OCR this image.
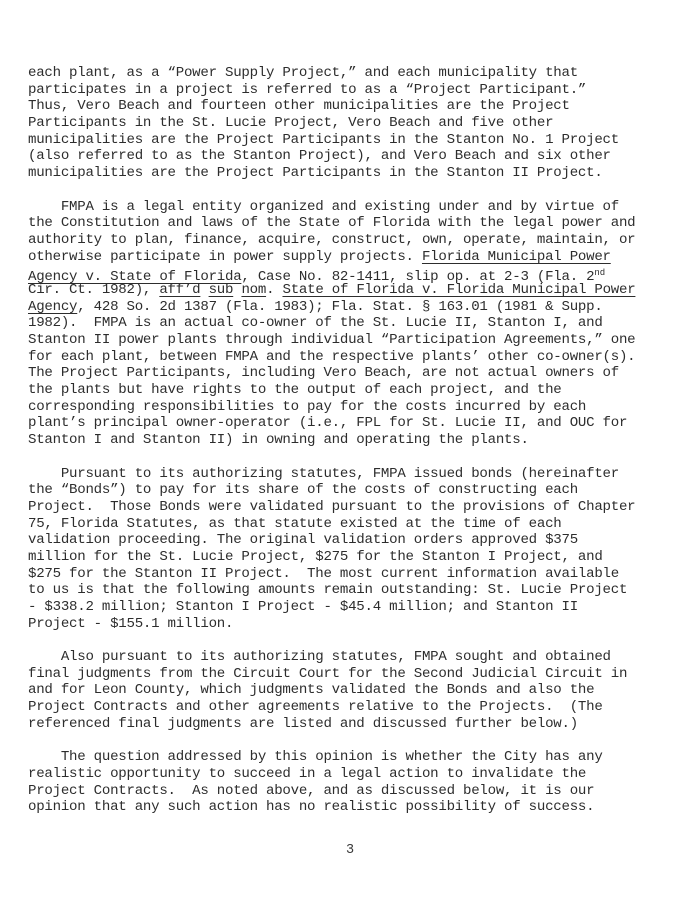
each plant, as a “Power Supply Project,” and each municipality that
participates in a project is referred to as a “Project Participant.”
Thus, Vero Beach and fourteen other municipalities are the Project
Participants in the St. Lucie Project, Vero Beach and five other
municipalities are the Project Participants in the Stanton No. 1 Project
(also referred to as the Stanton Project), and Vero Beach and six other
municipalities are the Project Participants in the Stanton II Project.
FMPA is a legal entity organized and existing under and by virtue of
the Constitution and laws of the State of Florida with the legal power and
authority to plan, finance, acquire, construct, own, operate, maintain, or
otherwise participate in power supply projects. Florida Municipal Power
Agency v. State of Florida, Case No. 82-1411, slip op. at 2-3 (Fla. 2nd
Cir. Ct. 1982), aff’d sub nom. State of Florida v. Florida Municipal Power
Agency, 428 So. 2d 1387 (Fla. 1983); Fla. Stat. § 163.01 (1981 & Supp.
1982).  FMPA is an actual co-owner of the St. Lucie II, Stanton I, and
Stanton II power plants through individual “Participation Agreements,” one
for each plant, between FMPA and the respective plants’ other co-owner(s).
The Project Participants, including Vero Beach, are not actual owners of
the plants but have rights to the output of each project, and the
corresponding responsibilities to pay for the costs incurred by each
plant’s principal owner-operator (i.e., FPL for St. Lucie II, and OUC for
Stanton I and Stanton II) in owning and operating the plants.
Pursuant to its authorizing statutes, FMPA issued bonds (hereinafter
the “Bonds”) to pay for its share of the costs of constructing each
Project.  Those Bonds were validated pursuant to the provisions of Chapter
75, Florida Statutes, as that statute existed at the time of each
validation proceeding. The original validation orders approved $375
million for the St. Lucie Project, $275 for the Stanton I Project, and
$275 for the Stanton II Project.  The most current information available
to us is that the following amounts remain outstanding: St. Lucie Project
- $338.2 million; Stanton I Project - $45.4 million; and Stanton II
Project - $155.1 million.
Also pursuant to its authorizing statutes, FMPA sought and obtained
final judgments from the Circuit Court for the Second Judicial Circuit in
and for Leon County, which judgments validated the Bonds and also the
Project Contracts and other agreements relative to the Projects.  (The
referenced final judgments are listed and discussed further below.)
The question addressed by this opinion is whether the City has any
realistic opportunity to succeed in a legal action to invalidate the
Project Contracts.  As noted above, and as discussed below, it is our
opinion that any such action has no realistic possibility of success.
3
